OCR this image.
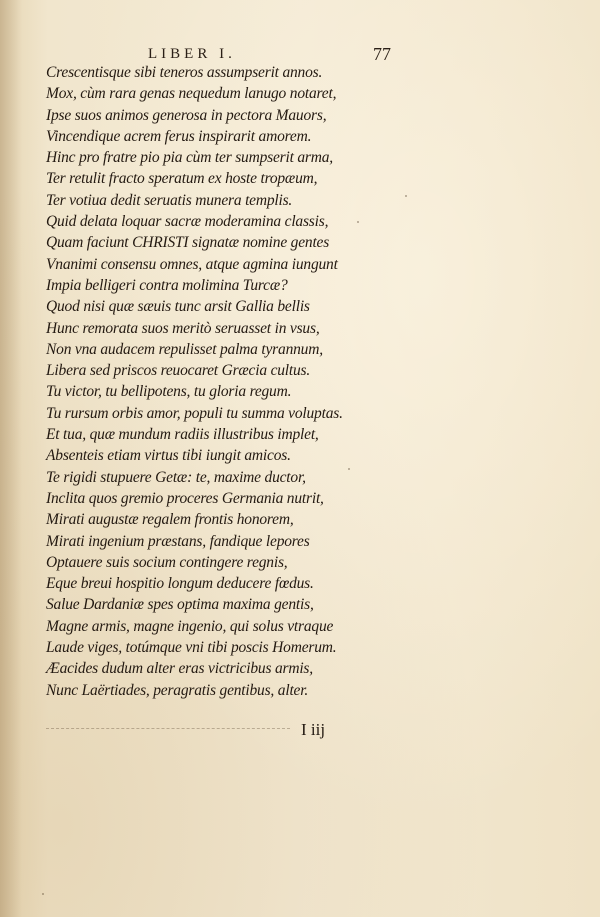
LIBER I.	77
Crescentisque sibi teneros assumpserit annos.
Mox, cùm rara genas nequedum lanugo notaret,
Ipse suos animos generosa in pectora Mauors,
Vincendique acrem ferus inspirarit amorem.
Hinc pro fratre pio pia cùm ter sumpserit arma,
Ter retulit fracto speratum ex hoste tropæum,
Ter votiua dedit seruatis munera templis.
Quid delata loquar sacræ moderamina classis,
Quam faciunt CHRISTI signatæ nomine gentes
Vnanimi consensu omnes, atque agmina iungunt
Impia belligeri contra molimina Turcæ?
Quod nisi quæ sæuis tunc arsit Gallia bellis
Hunc remorata suos meritò seruasset in vsus,
Non vna audacem repulisset palma tyrannum,
Libera sed priscos reuocaret Græcia cultus.
Tu victor, tu bellipotens, tu gloria regum.
Tu rursum orbis amor, populi tu summa voluptas.
Et tua, quæ mundum radiis illustribus implet,
Absenteis etiam virtus tibi iungit amicos.
Te rigidi stupuere Getæ: te, maxime ductor,
Inclita quos gremio proceres Germania nutrit,
Mirati augustæ regalem frontis honorem,
Mirati ingenium præstans, fandique lepores
Optauere suis socium contingere regnis,
Eque breui hospitio longum deducere fœdus.
Salue Dardaniæ spes optima maxima gentis,
Magne armis, magne ingenio, qui solus vtraque
Laude viges, totúmque vni tibi poscis Homerum.
Æacides dudum alter eras victricibus armis,
Nunc Laërtiades, peragratis gentibus, alter.
I iij
